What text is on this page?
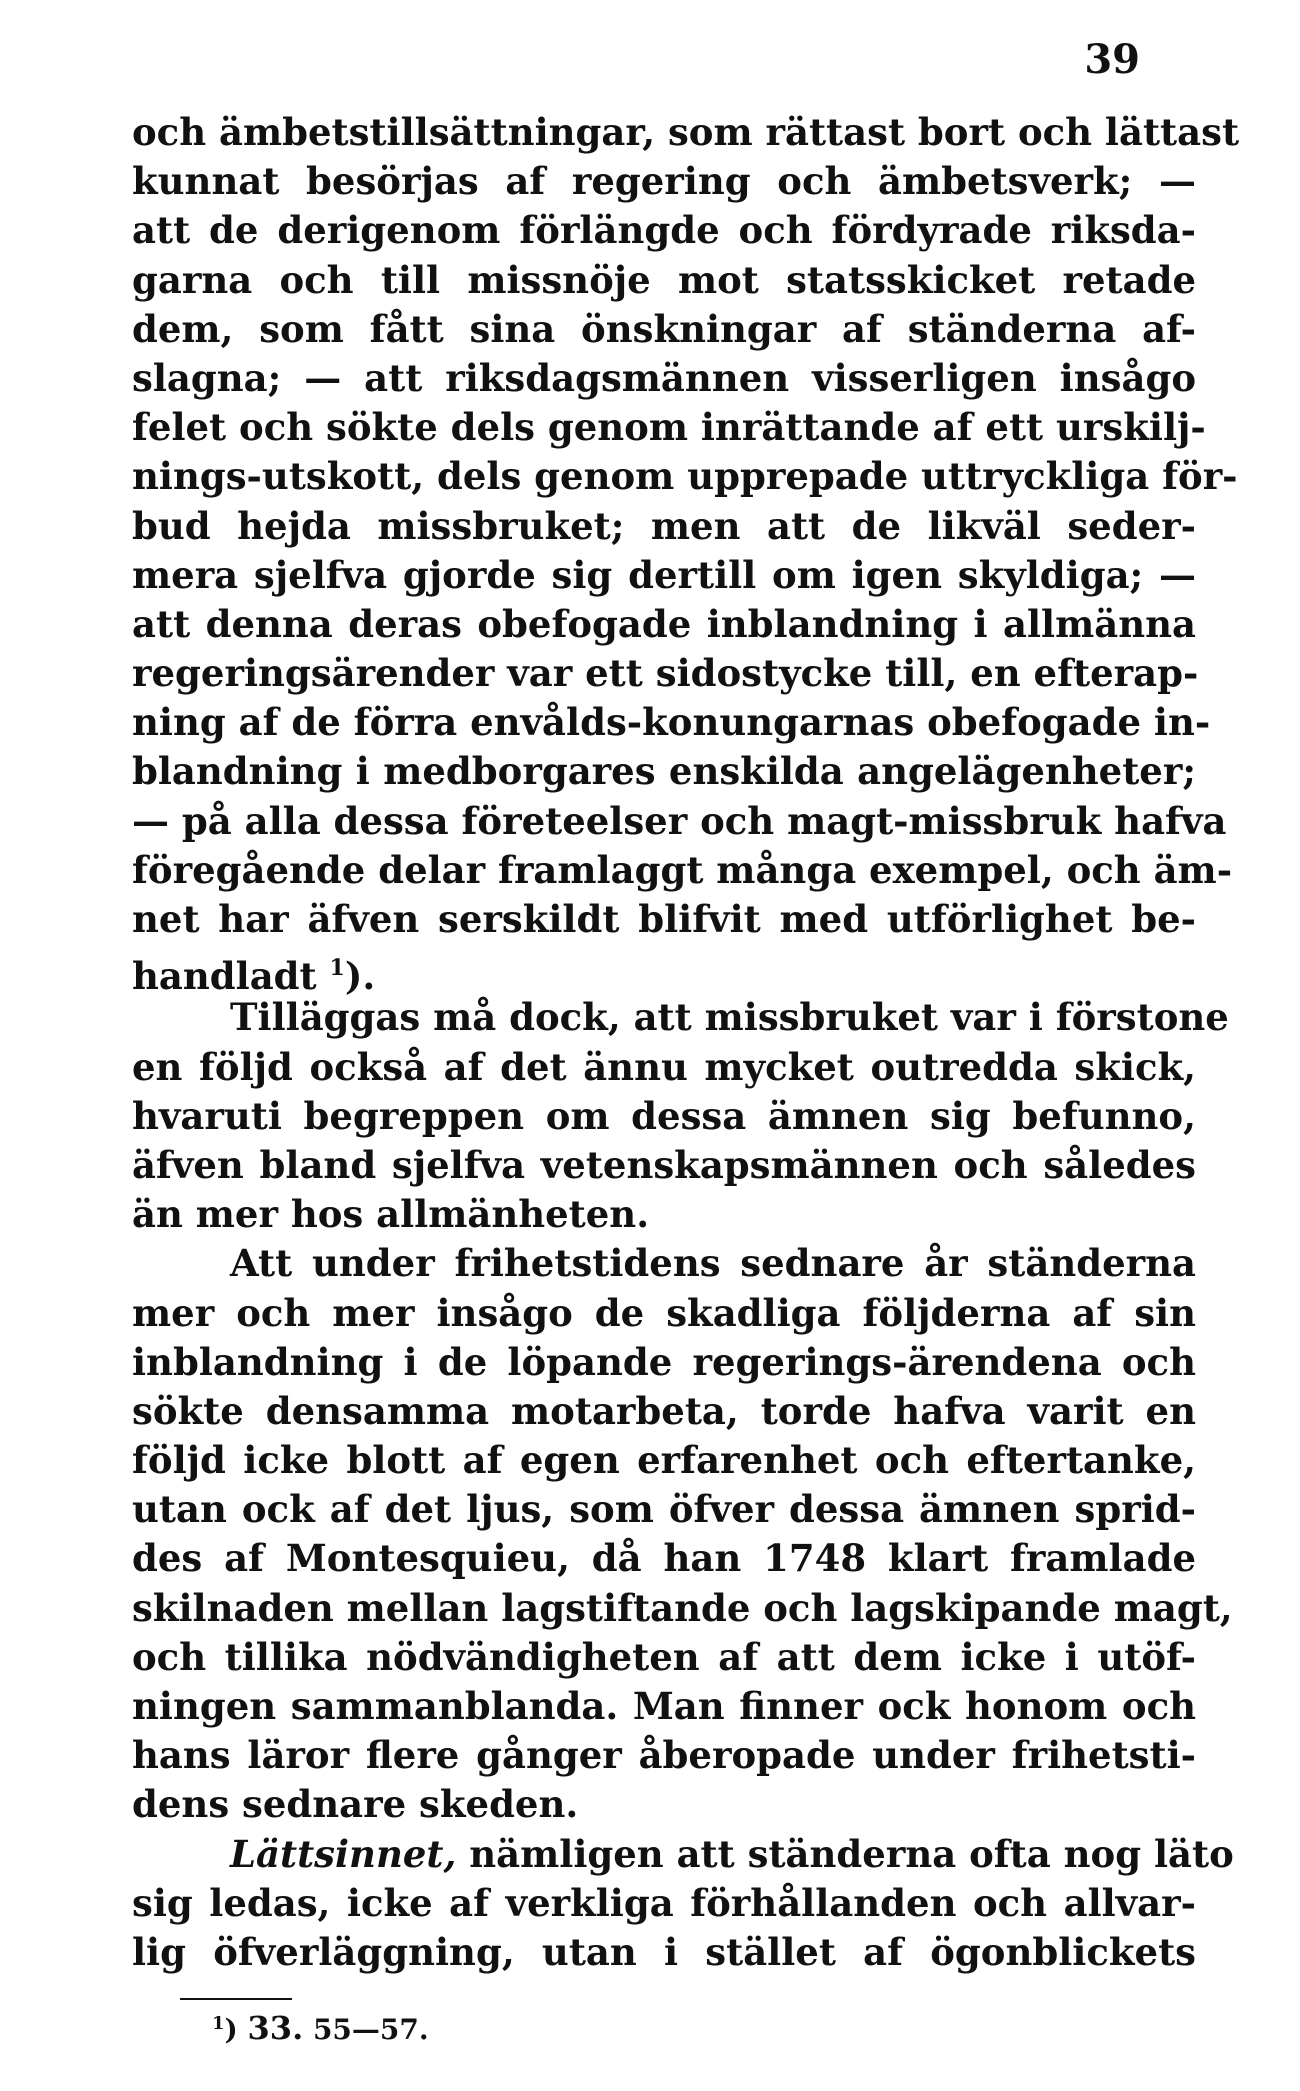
39
och ämbetstillsättningar, som rättast bort och lättast
kunnat besörjas af regering och ämbetsverk; —
att de derigenom förlängde och fördyrade riksda-
garna och till missnöje mot statsskicket retade
dem, som fått sina önskningar af ständerna af-
slagna; — att riksdagsmännen visserligen insågo
felet och sökte dels genom inrättande af ett urskilj-
nings-utskott, dels genom upprepade uttryckliga för-
bud hejda missbruket; men att de likväl seder-
mera sjelfva gjorde sig dertill om igen skyldiga; —
att denna deras obefogade inblandning i allmänna
regeringsärender var ett sidostycke till, en efterap-
ning af de förra envålds-konungarnas obefogade in-
blandning i medborgares enskilda angelägenheter;
— på alla dessa företeelser och magt-missbruk hafva
föregående delar framlaggt många exempel, och äm-
net har äfven serskildt blifvit med utförlighet be-
handladt $^1$).
Tilläggas må dock, att missbruket var i förstone
en följd också af det ännu mycket outredda skick,
hvaruti begreppen om dessa ämnen sig befunno,
äfven bland sjelfva vetenskapsmännen och således
än mer hos allmänheten.
Att under frihetstidens sednare år ständerna
mer och mer insågo de skadliga följderna af sin
inblandning i de löpande regerings-ärendena och
sökte densamma motarbeta, torde hafva varit en
följd icke blott af egen erfarenhet och eftertanke,
utan ock af det ljus, som öfver dessa ämnen sprid-
des af Montesquieu, då han 1748 klart framlade
skilnaden mellan lagstiftande och lagskipande magt,
och tillika nödvändigheten af att dem icke i utöf-
ningen sammanblanda. Man finner ock honom och
hans läror flere gånger åberopade under frihetsti-
dens sednare skeden.
Lättsinnet, nämligen att ständerna ofta nog läto
sig ledas, icke af verkliga förhållanden och allvar-
lig öfverläggning, utan i stället af ögonblickets
$^1$) 33. 55—57.
